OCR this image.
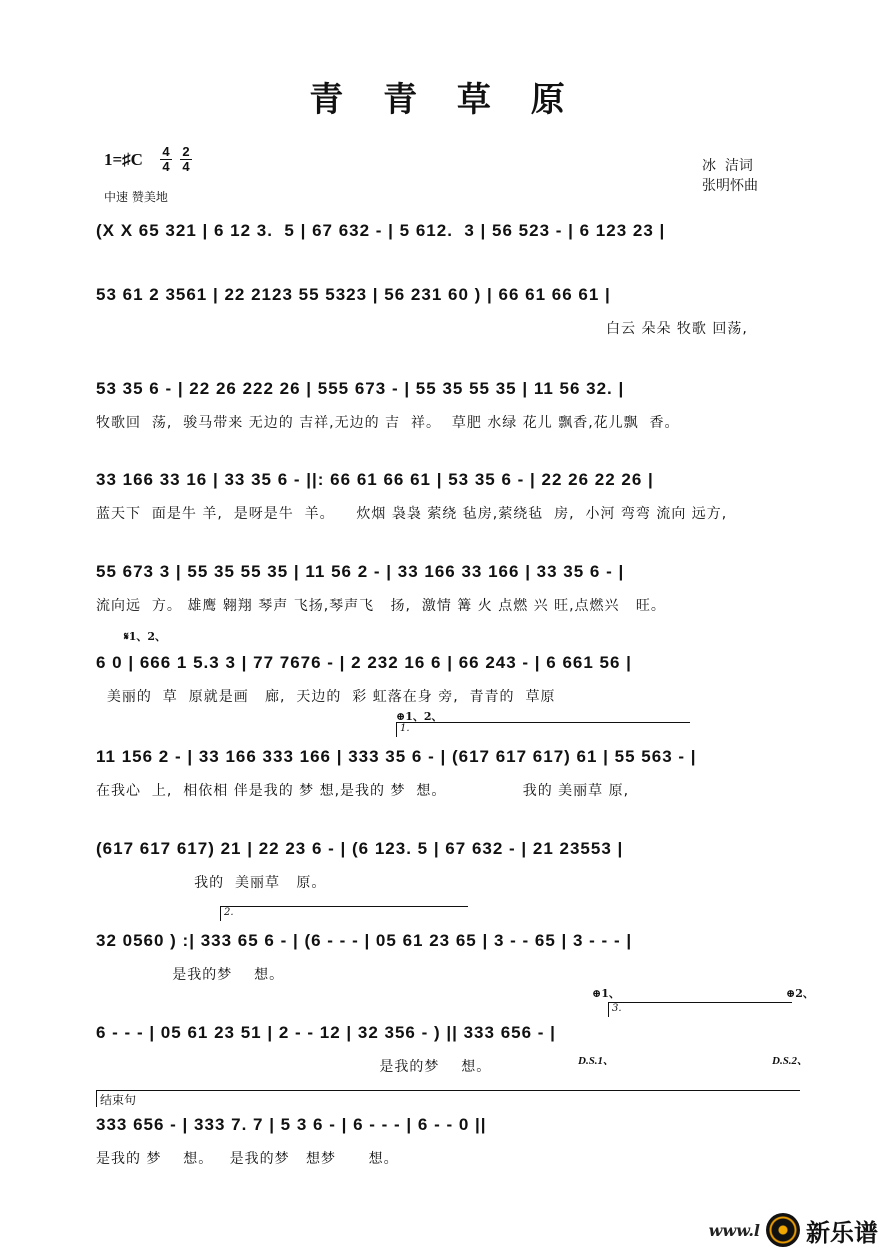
青 青 草 原
1=♯C 4
4
2
4
中速 赞美地
冰  洁词
张明怀曲
(X X 65 321 | 6 12 3.  5 | 67 632 - | 5 612.  3 | 56 523 - | 6 123 23 |
53 61 2 3561 | 22 2123 55 5323 | 56 231 60 ) | 66 61 66 61 |
白云 朵朵 牧歌 回荡,
53 35 6 - | 22 26 222 26 | 555 673 - | 55 35 55 35 | 11 56 32. |
牧歌回  荡,  骏马带来 无边的 吉祥,无边的 吉  祥。  草肥 水绿 花儿 飘香,花儿飘  香。
33 166 33 16 | 33 35 6 - ||: 66 61 66 61 | 53 35 6 - | 22 26 22 26 |
蓝天下  面是牛 羊,  是呀是牛  羊。    炊烟 袅袅 萦绕 毡房,萦绕毡  房,  小河 弯弯 流向 远方,
55 673 3 | 55 35 55 35 | 11 56 2 - | 33 166 33 166 | 33 35 6 - |
流向远  方。 雄鹰 翱翔 琴声 飞扬,琴声飞   扬,  激情 篝 火 点燃 兴 旺,点燃兴   旺。
𝄋1、2、
6 0 | 666 1 5.3 3 | 77 7676 - | 2 232 16 6 | 66 243 - | 6 661 56 |
美丽的  草  原就是画   廊,  天边的  彩 虹落在身 旁,  青青的  草原
⊕1、2、
1.
11 156 2 - | 33 166 333 166 | 333 35 6 - | (617 617 617) 61 | 55 563 - |
在我心  上,  相依相 伴是我的 梦 想,是我的 梦  想。              我的 美丽草 原,
(617 617 617) 21 | 22 23 6 - | (6 123. 5 | 67 632 - | 21 23553 |
我的  美丽草   原。
2.
32 0560 ) :| 333 65 6 - | (6 - - - | 05 61 23 65 | 3 - - 65 | 3 - - - |
是我的梦    想。
⊕1、	⊕2、
3.
6 - - - | 05 61 23 51 | 2 - - 12 | 32 356 - ) || 333 656 - |
是我的梦    想。	D.S.1、	D.S.2、
结束句
333 656 - | 333 7. 7 | 5 3 6 - | 6 - - - | 6 - - 0 ||
是我的 梦    想。   是我的梦   想梦      想。
www.l 新乐谱
